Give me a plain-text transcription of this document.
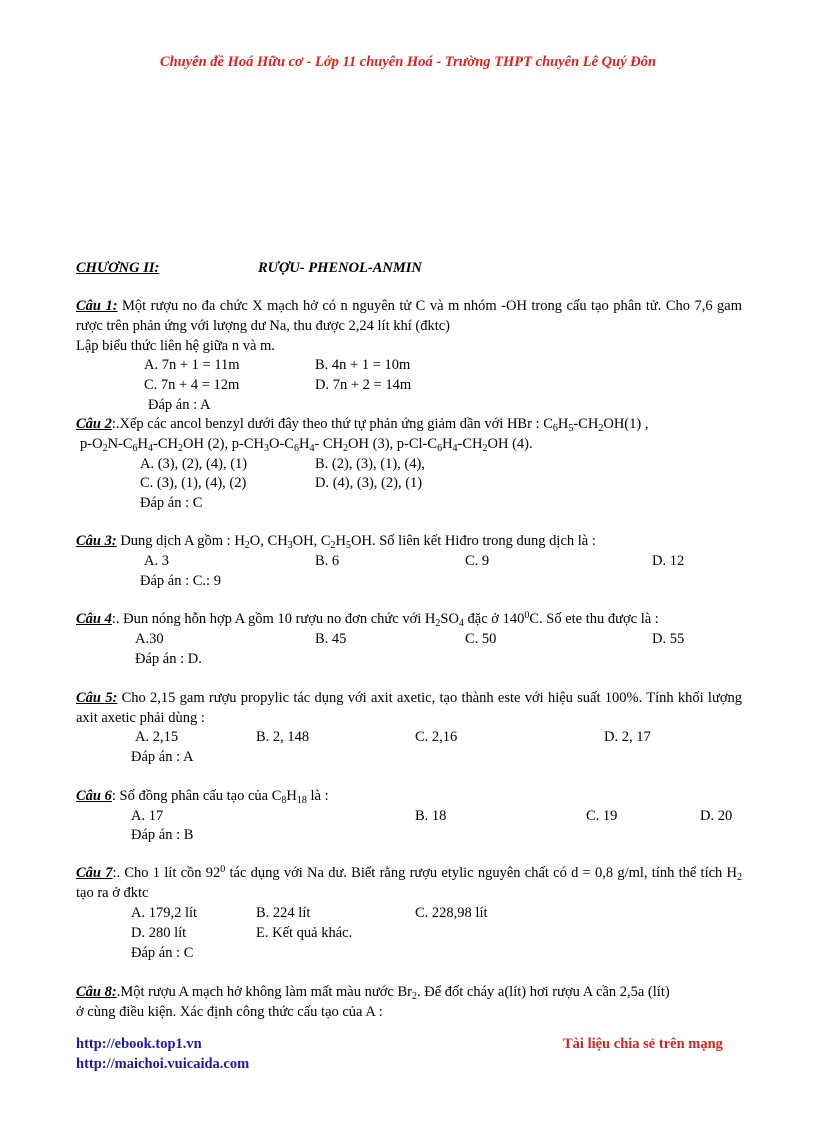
Chuyên đề Hoá Hữu cơ - Lớp 11 chuyên Hoá - Trường THPT chuyên Lê Quý Đôn
CHƯƠNG II:	RƯỢU- PHENOL-ANMIN
Câu 1: Một rượu no đa chức X mạch hở có n nguyên tử C và m nhóm -OH trong cấu tạo phân tử. Cho 7,6 gam rược trên phản ứng với lượng dư Na, thu được 2,24 lít khí (đktc)
Lập biểu thức liên hệ giữa n và m.
A. 7n + 1 = 11m	B. 4n + 1 = 10m
C. 7n + 4 = 12m	D. 7n + 2 = 14m
Đáp án : A
Câu 2:.Xếp các ancol benzyl dưới đây theo thứ tự phản ứng giảm dần với HBr : $C_6H_5-CH_2OH(1)$ ,
$p-O_2N-C_6H_4-CH_2OH$ (2), $p-CH_3O-C_6H_4-$ $CH_2OH$ (3), $p-Cl-C_6H_4-CH_2OH$ (4).
A. (3), (2), (4), (1)	B. (2), (3), (1), (4),
C. (3), (1), (4), (2)	D. (4), (3), (2), (1)
Đáp án : C
Câu 3: Dung dịch A gồm : $H_2O$, $CH_3OH$, $C_2H_5OH$. Số liên kết Hiđro trong dung dịch là :
A. 3	B. 6	C. 9	D. 12
Đáp án : C.: 9
Câu 4:. Đun nóng hỗn hợp A gồm 10 rượu no đơn chức với $H_2SO_4$ đặc ở $140^0C$. Số ete thu được là :
A.30	B. 45	C. 50	D. 55
Đáp án : D.
Câu 5: Cho 2,15 gam rượu propylic tác dụng với axit axetic, tạo thành este với hiệu suất 100%. Tính khối lượng axit axetic phải dùng :
A. 2,15	B. 2, 148	C. 2,16	D. 2, 17
Đáp án : A
Câu 6: Số đồng phân cấu tạo của $C_8H_{18}$ là :
A. 17	B. 18	C. 19	D. 20
Đáp án : B
Câu 7:. Cho 1 lít cồn $92^0$ tác dụng với Na dư. Biết rằng rượu etylic nguyên chất có d = 0,8 g/ml, tính thể tích $H_2$ tạo ra ở đktc
A. 179,2 lít	B. 224 lít	C. 228,98 lít
D. 280 lít	E. Kết quả khác.
Đáp án : C
Câu 8:.Một rượu A mạch hở không làm mất màu nước $Br_2$. Để đốt cháy a(lít) hơi rượu A cần 2,5a (lít)
ở cùng điều kiện. Xác định công thức cấu tạo của A :
http://ebook.top1.vn
http://maichoi.vuicaida.com
Tài liệu chia sẻ trên mạng
